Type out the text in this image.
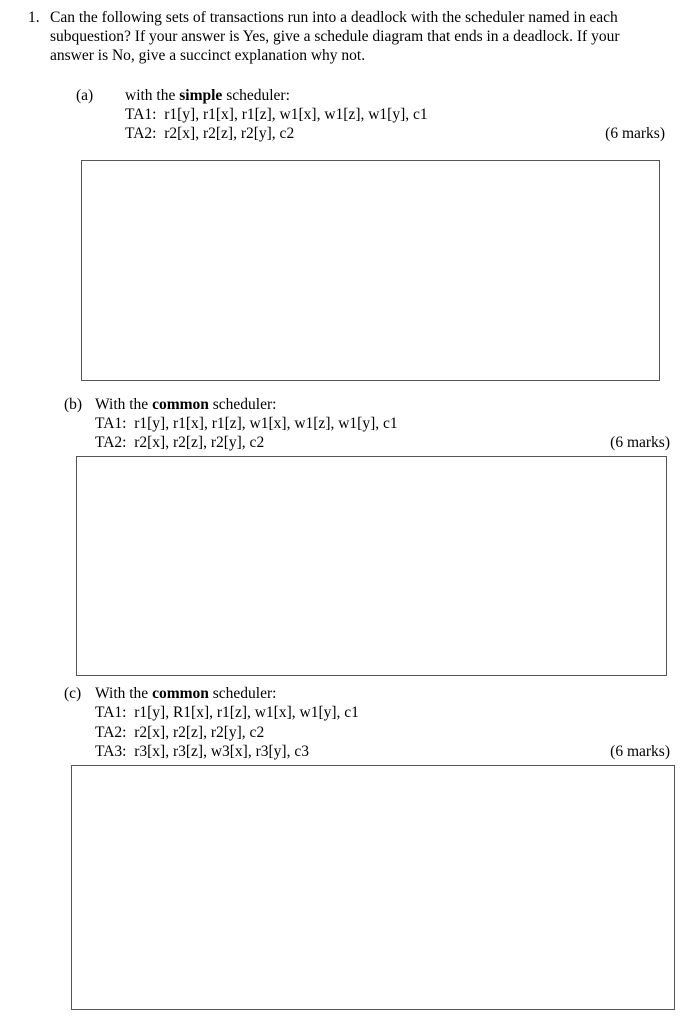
1. Can the following sets of transactions run into a deadlock with the scheduler named in each
subquestion? If your answer is Yes, give a schedule diagram that ends in a deadlock. If your
answer is No, give a succinct explanation why not.
(a) with the simple scheduler:
TA1:  r1[y], r1[x], r1[z], w1[x], w1[z], w1[y], c1
TA2:  r2[x], r2[z], r2[y], c2	(6 marks)
(b) With the common scheduler:
TA1:  r1[y], r1[x], r1[z], w1[x], w1[z], w1[y], c1
TA2:  r2[x], r2[z], r2[y], c2	(6 marks)
(c) With the common scheduler:
TA1:  r1[y], R1[x], r1[z], w1[x], w1[y], c1
TA2:  r2[x], r2[z], r2[y], c2
TA3:  r3[x], r3[z], w3[x], r3[y], c3	(6 marks)
